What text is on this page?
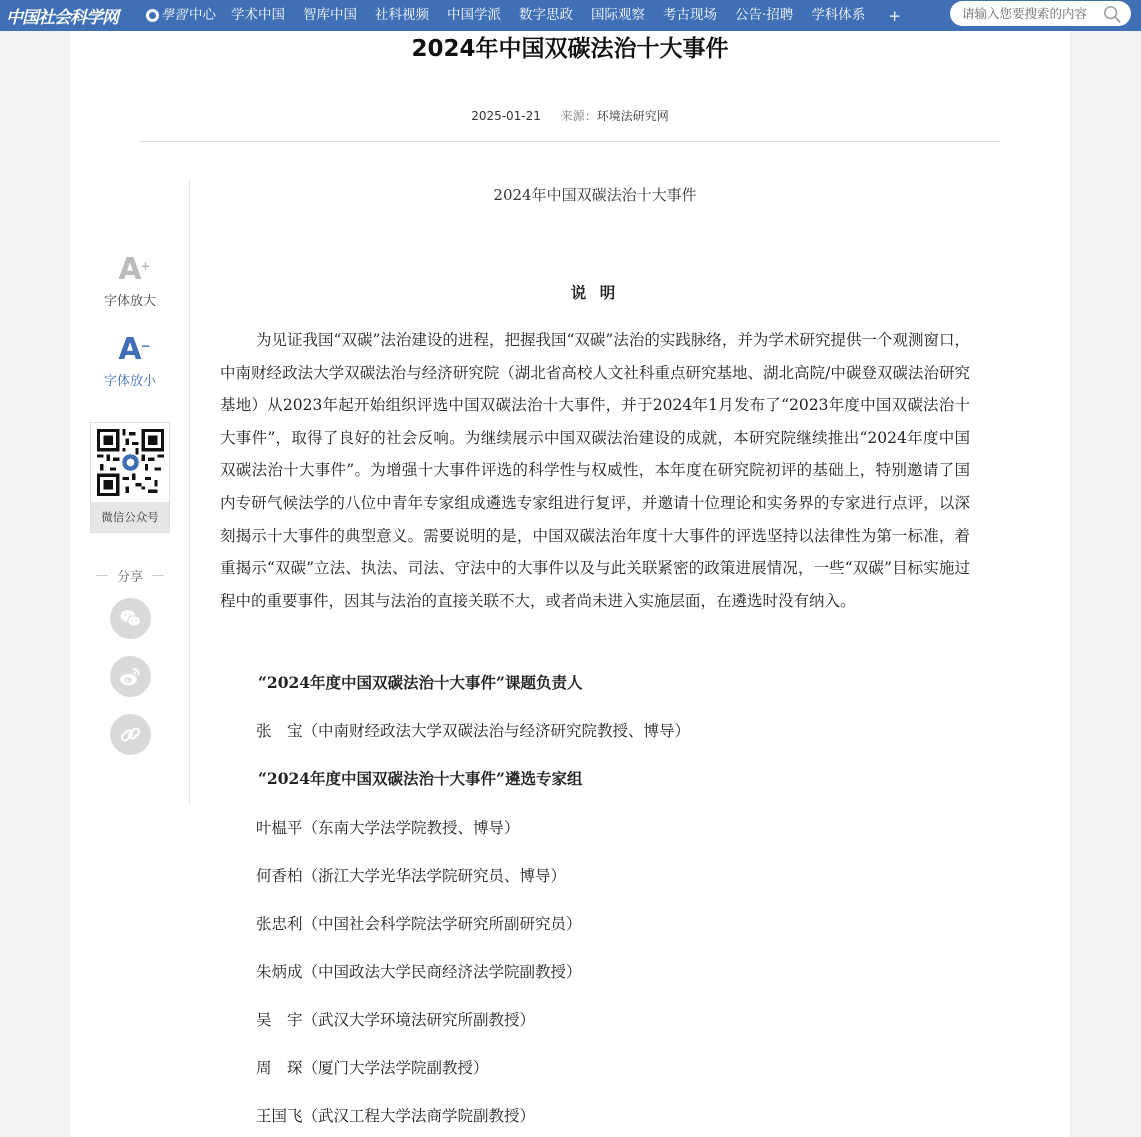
中国社会科学网	學習 中心	学术中国	智库中国	社科视频	中国学派	数字思政	国际观察	考古现场	公告·招聘	学科体系	+
请输入您要搜索的内容
2024年中国双碳法治十大事件
2025-01-21 来源：环境法研究网
A
+
字体放大
A
−
字体放小
微信公众号
分享
2024年中国双碳法治十大事件
说 明

为见证我国“双碳”法治建设的进程，把握我国“双碳”法治的实践脉络，并为学术研究提供一个观测窗口，中南财经政法大学双碳法治与经济研究院（湖北省高校人文社科重点研究基地、湖北高院/中碳登双碳法治研究基地）从2023年起开始组织评选中国双碳法治十大事件，并于2024年1月发布了“2023年度中国双碳法治十大事件”，取得了良好的社会反响。为继续展示中国双碳法治建设的成就，本研究院继续推出“2024年度中国双碳法治十大事件”。为增强十大事件评选的科学性与权威性，本年度在研究院初评的基础上，特别邀请了国内专研气候法学的八位中青年专家组成遴选专家组进行复评，并邀请十位理论和实务界的专家进行点评，以深刻揭示十大事件的典型意义。需要说明的是，中国双碳法治年度十大事件的评选坚持以法律性为第一标准，着重揭示“双碳”立法、执法、司法、守法中的大事件以及与此关联紧密的政策进展情况，一些“双碳”目标实施过程中的重要事件，因其与法治的直接关联不大，或者尚未进入实施层面，在遴选时没有纳入。

“2024年度中国双碳法治十大事件”课题负责人
张　宝（中南财经政法大学双碳法治与经济研究院教授、博导）
“2024年度中国双碳法治十大事件”遴选专家组
叶榅平（东南大学法学院教授、博导）
何香柏（浙江大学光华法学院研究员、博导）
张忠利（中国社会科学院法学研究所副研究员）
朱炳成（中国政法大学民商经济法学院副教授）
吴　宇（武汉大学环境法研究所副教授）
周　琛（厦门大学法学院副教授）
王国飞（武汉工程大学法商学院副教授）
